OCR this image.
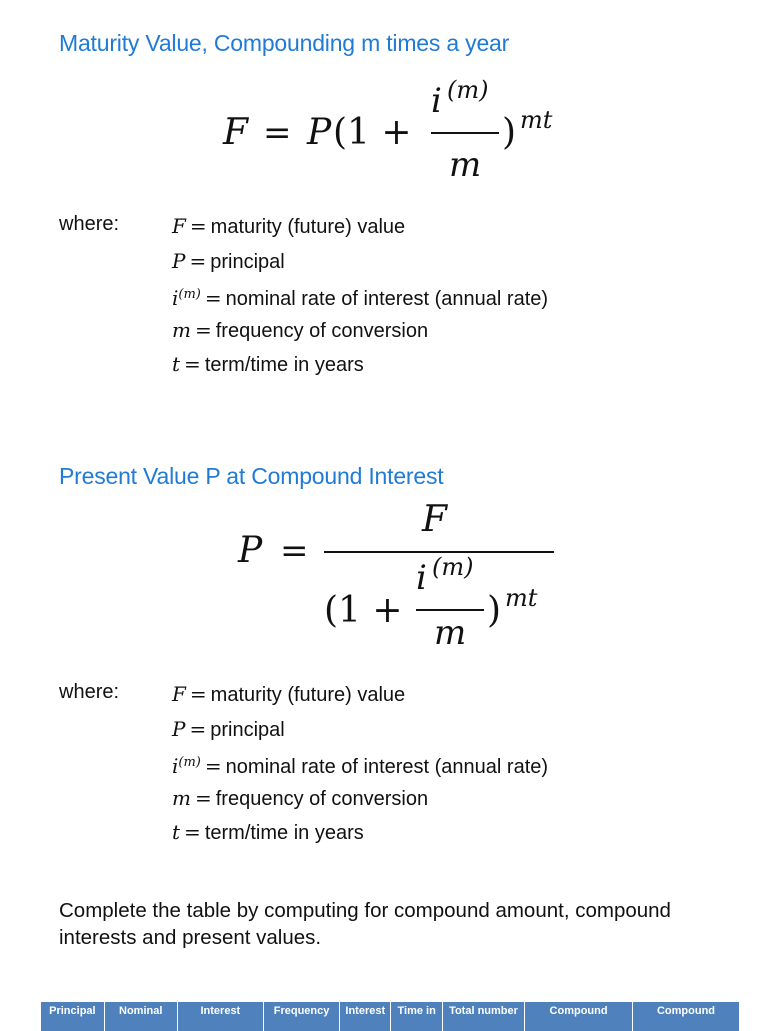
Maturity Value, Compounding m times a year
F = P (1 +
i (m)
m
) mt
where:	F = maturity (future) value
P = principal
$i^{(m)}$ = nominal rate of interest (annual rate)
m = frequency of conversion
t = term/time in years
Present Value P at Compound Interest
P =
F
(1 +
i (m)
m
) mt
where:	F = maturity (future) value
P = principal
$i^{(m)}$ = nominal rate of interest (annual rate)
m = frequency of conversion
t = term/time in years

Complete the table by computing for compound amount, compound interests and present values.

Principal	Nominal	Interest	Frequency	Interest	Time in	Total number	Compound	Compound
